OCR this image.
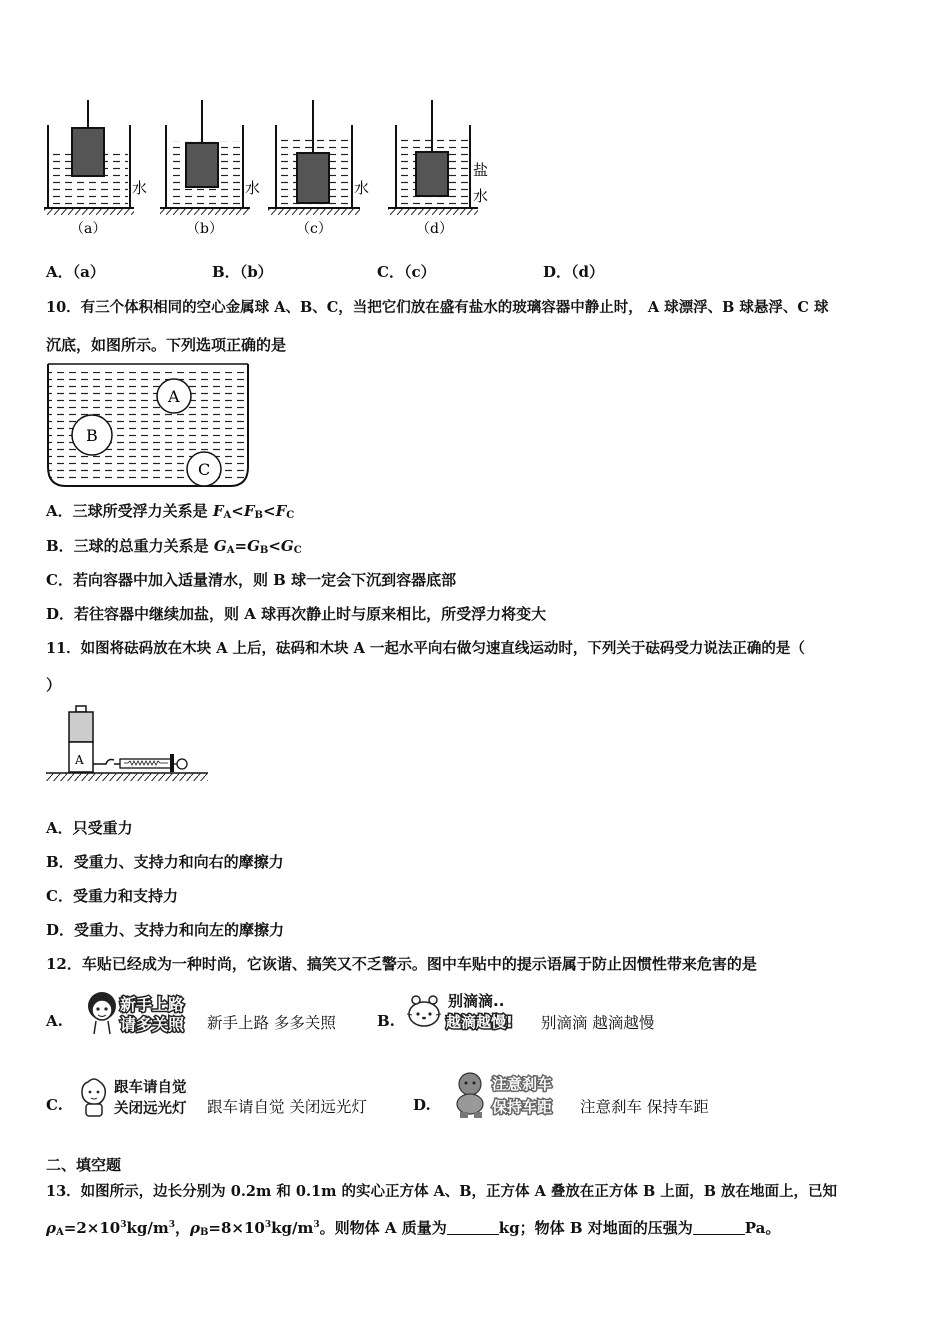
水	水	水
盐
水
（a）	（b）	（c）	（d）
A．（a）	B．（b）	C．（c）	D．（d）
10．有三个体积相同的空心金属球 A、B、C，当把它们放在盛有盐水的玻璃容器中静止时， A 球漂浮、B 球悬浮、C 球
沉底，如图所示。下列选项正确的是
A
B
C
A．三球所受浮力关系是 $F_A<F_B<F_C$
B．三球的总重力关系是 $G_A=G_B<G_C$
C．若向容器中加入适量清水，则 B 球一定会下沉到容器底部
D．若往容器中继续加盐，则 A 球再次静止时与原来相比，所受浮力将变大
11．如图将砝码放在木块 A 上后，砝码和木块 A 一起水平向右做匀速直线运动时，下列关于砝码受力说法正确的是（
）
A
A．只受重力
B．受重力、支持力和向右的摩擦力
C．受重力和支持力
D．受重力、支持力和向左的摩擦力
12．车贴已经成为一种时尚，它诙谐、搞笑又不乏警示。图中车贴中的提示语属于防止因惯性带来危害的是
A.
新手上路
请多关照 新手上路 多多关照	B.
别滴滴..
越滴越慢! 别滴滴 越滴越慢
C.
跟车请自觉
关闭远光灯 跟车请自觉 关闭远光灯	D.
注意刹车
保持车距 注意刹车 保持车距
二、填空题
13．如图所示，边长分别为 0.2m 和 0.1m 的实心正方体 A、B，正方体 A 叠放在正方体 B 上面，B 放在地面上，已知
$\rho_A=2\times 10^3kg/m^3$，$\rho_B=8\times 10^3kg/m^3$。则物体 A 质量为	kg；物体 B 对地面的压强为	Pa。
